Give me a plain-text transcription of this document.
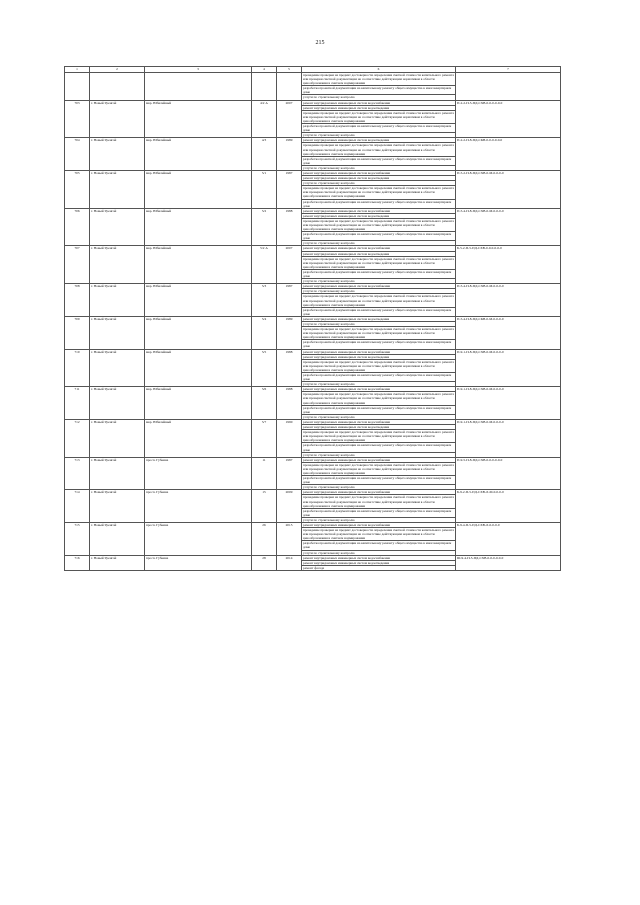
215
1	2	3	4	5	6	7
					проведение проверки на предмет достоверности определения сметной стоимости капитального ремонта или проверки сметной документации на соответствие действующим нормативам в области ценообразования в сметном нормировании	
					разработка проектной документации на капитальному ремонту общего имущества в многоквартирном доме	
					услуги по строительному контролю	
703	г. Новый Уренгой	мкр. Юбилейный	4/2 А	2007	ремонт внутридомовых инженерных систем водоснабжения	П-2-2-П-5-ПД-СХВ-0-0-0-0-0-0
					ремонт внутридомовых инженерных систем водоотведения	
					проведение проверки на предмет достоверности определения сметной стоимости капитального ремонта или проверки сметной документации на соответствие действующим нормативам в области ценообразования в сметном нормировании	
					разработка проектной документации на капитальному ремонту общего имущества в многоквартирном доме	
					услуги по строительному контролю	
704	г. Новый Уренгой	мкр. Юбилейный	4/3	1989	ремонт внутридомовых инженерных систем водоотведения	П-2-2-П-8-ПД-СКВ-0-0-0-0-0-0
					проведение проверки на предмет достоверности определения сметной стоимости капитального ремонта или проверки сметной документации на соответствие действующим нормативам в области ценообразования в сметном нормировании	
					разработка проектной документации на капитальному ремонту общего имущества в многоквартирном доме	
					услуги по строительному контролю	
705	г. Новый Уренгой	мкр. Юбилейный	5/1	1987	ремонт внутридомовых инженерных систем водоснабжения	П-5-2-П-8-ПД-СХВ-0-М-0-0-0-0
					ремонт внутридомовых инженерных систем водоотведения	
					услуги по строительному контролю	
					проведение проверки на предмет достоверности определения сметной стоимости капитального ремонта или проверки сметной документации на соответствие действующим нормативам в области ценообразования в сметном нормировании	
					разработка проектной документации на капитальному ремонту общего имущества в многоквартирном доме	
706	г. Новый Уренгой	мкр. Юбилейный	5/2	1988	ремонт внутридомовых инженерных систем водоснабжения	П-5-4-П-8-ПД-СХВ-0-М-0-0-0-0
					ремонт внутридомовых инженерных систем водоотведения	
					проведение проверки на предмет достоверности определения сметной стоимости капитального ремонта или проверки сметной документации на соответствие действующим нормативам в области ценообразования в сметном нормировании	
					разработка проектной документации на капитальному ремонту общего имущества в многоквартирном доме	
					услуги по строительному контролю	
707	г. Новый Уренгой	мкр. Юбилейный	5/2 А	2007	ремонт внутридомовых инженерных систем водоснабжения	Б-5-2-П-5-ПД-СХВ-0-0-0-0-0-0
					ремонт внутридомовых инженерных систем водоотведения	
					проведение проверки на предмет достоверности определения сметной стоимости капитального ремонта или проверки сметной документации на соответствие действующим нормативам в области ценообразования в сметном нормировании	
					разработка проектной документации на капитальному ремонту общего имущества в многоквартирном доме	
					услуги по строительному контролю	
708	г. Новый Уренгой	мкр. Юбилейный	5/3	1987	ремонт внутридомовых инженерных систем водоснабжения	П-5-4-П-8-ПД-СХВ-0-М-0-0-0-0
					услуги по строительному контролю	
					проведение проверки на предмет достоверности определения сметной стоимости капитального ремонта или проверки сметной документации на соответствие действующим нормативам в области ценообразования в сметном нормировании	
					разработка проектной документации на капитальному ремонту общего имущества в многоквартирном доме	
709	г. Новый Уренгой	мкр. Юбилейный	5/4	1989	ремонт внутридомовых инженерных систем водоотведения	П-5-4-П-8-ПД-СКВ-0-М-0-0-0-0
					услуги по строительному контролю	
					проведение проверки на предмет достоверности определения сметной стоимости капитального ремонта или проверки сметной документации на соответствие действующим нормативам в области ценообразования в сметном нормировании	
					разработка проектной документации на капитальному ремонту общего имущества в многоквартирном доме	
710	г. Новый Уренгой	мкр. Юбилейный	5/5	1988	ремонт внутридомовых инженерных систем водоснабжения	П-9-1-П-8-ПД-СХВ-0-М-0-0-0-0
					ремонт внутридомовых инженерных систем водоотведения	
					проведение проверки на предмет достоверности определения сметной стоимости капитального ремонта или проверки сметной документации на соответствие действующим нормативам в области ценообразования в сметном нормировании	
					разработка проектной документации на капитальному ремонту общего имущества в многоквартирном доме	
					услуги по строительному контролю	
711	г. Новый Уренгой	мкр. Юбилейный	5/6	1988	ремонт внутридомовых инженерных систем водоснабжения	П-9-1-П-8-ПД-СХВ-0-М-0-0-0-0
					проведение проверки на предмет достоверности определения сметной стоимости капитального ремонта или проверки сметной документации на соответствие действующим нормативам в области ценообразования в сметном нормировании	
					разработка проектной документации на капитальному ремонту общего имущества в многоквартирном доме	
					услуги по строительному контролю	
712	г. Новый Уренгой	мкр. Юбилейный	5/7	1990	ремонт внутридомовых инженерных систем водоснабжения	П-9-1-П-8-ПД-СХВ-0-М-0-0-0-0
					ремонт внутридомовых инженерных систем водоотведения	
					проведение проверки на предмет достоверности определения сметной стоимости капитального ремонта или проверки сметной документации на соответствие действующим нормативам в области ценообразования в сметном нормировании	
					разработка проектной документации на капитальному ремонту общего имущества в многоквартирном доме	
					услуги по строительному контролю	
713	г. Новый Уренгой	просп. Губкина	11	1987	ремонт внутридомовых инженерных систем водоснабжения	П-9-5-П-8-ПД-СХВ-0-0-0-0-0-0
					проведение проверки на предмет достоверности определения сметной стоимости капитального ремонта или проверки сметной документации на соответствие действующим нормативам в области ценообразования в сметном нормировании	
					разработка проектной документации на капитальному ремонту общего имущества в многоквартирном доме	
					услуги по строительному контролю	
714	г. Новый Уренгой	просп. Губкина	15	2009	ремонт внутридомовых инженерных систем водоснабжения	Б-9-2-П-5-ПД-СХВ-Л-М-0-0-0-0
					проведение проверки на предмет достоверности определения сметной стоимости капитального ремонта или проверки сметной документации на соответствие действующим нормативам в области ценообразования в сметном нормировании	
					разработка проектной документации на капитальному ремонту общего имущества в многоквартирном доме	
					услуги по строительному контролю	
715	г. Новый Уренгой	просп. Губкина	26	2015	ремонт внутридомовых инженерных систем водоснабжения	Б-9-4-П-5-ПД-СХВ-Л-0-0-0-0
					проведение проверки на предмет достоверности определения сметной стоимости капитального ремонта или проверки сметной документации на соответствие действующим нормативам в области ценообразования в сметном нормировании	
					разработка проектной документации на капитальному ремонту общего имущества в многоквартирном доме	
					услуги по строительному контролю	
716	г. Новый Уренгой	просп. Губкина	28	2014	ремонт внутридомовых инженерных систем водоснабжения	Ш-9-4-П-5-ПД-СХВ-0-0-0-0-0-0
					ремонт внутридомовых инженерных систем водоотведения	
					ремонт фасада	
